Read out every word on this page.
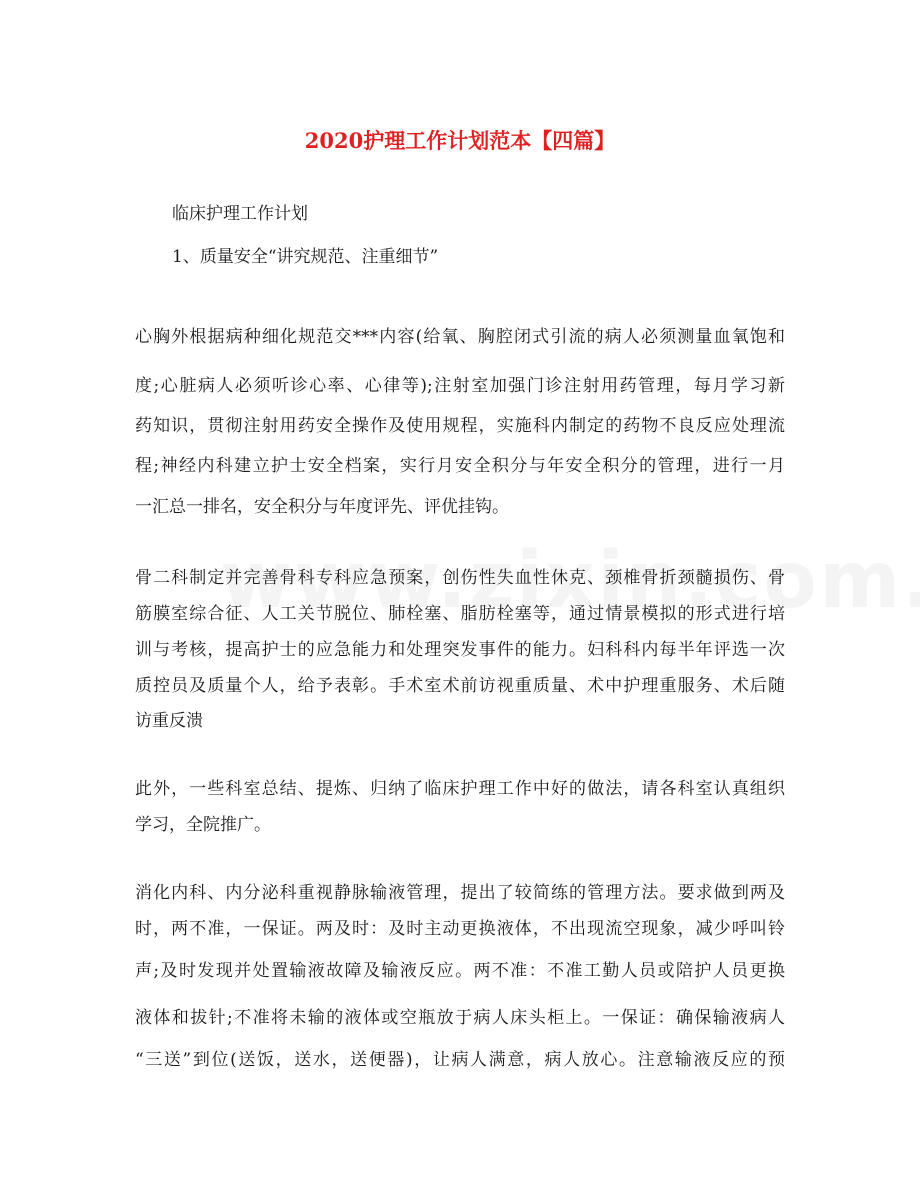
2020护理工作计划范本【四篇】
临床护理工作计划
1、质量安全“讲究规范、注重细节”
心胸外根据病种细化规范交***内容(给氧、胸腔闭式引流的病人必须测量血氧饱和
度;心脏病人必须听诊心率、心律等);注射室加强门诊注射用药管理，每月学习新
药知识，贯彻注射用药安全操作及使用规程，实施科内制定的药物不良反应处理流
程;神经内科建立护士安全档案，实行月安全积分与年安全积分的管理，进行一月
一汇总一排名，安全积分与年度评先、评优挂钩。
骨二科制定并完善骨科专科应急预案，创伤性失血性休克、颈椎骨折颈髓损伤、骨
筋膜室综合征、人工关节脱位、肺栓塞、脂肪栓塞等，通过情景模拟的形式进行培
训与考核，提高护士的应急能力和处理突发事件的能力。妇科科内每半年评选一次
质控员及质量个人，给予表彰。手术室术前访视重质量、术中护理重服务、术后随
访重反溃
此外，一些科室总结、提炼、归纳了临床护理工作中好的做法，请各科室认真组织
学习，全院推广。
消化内科、内分泌科重视静脉输液管理，提出了较简练的管理方法。要求做到两及
时，两不准，一保证。两及时：及时主动更换液体，不出现流空现象，减少呼叫铃
声;及时发现并处置输液故障及输液反应。两不准：不准工勤人员或陪护人员更换
液体和拔针;不准将未输的液体或空瓶放于病人床头柜上。一保证：确保输液病人
“三送”到位(送饭，送水，送便器)，让病人满意，病人放心。注意输液反应的预
